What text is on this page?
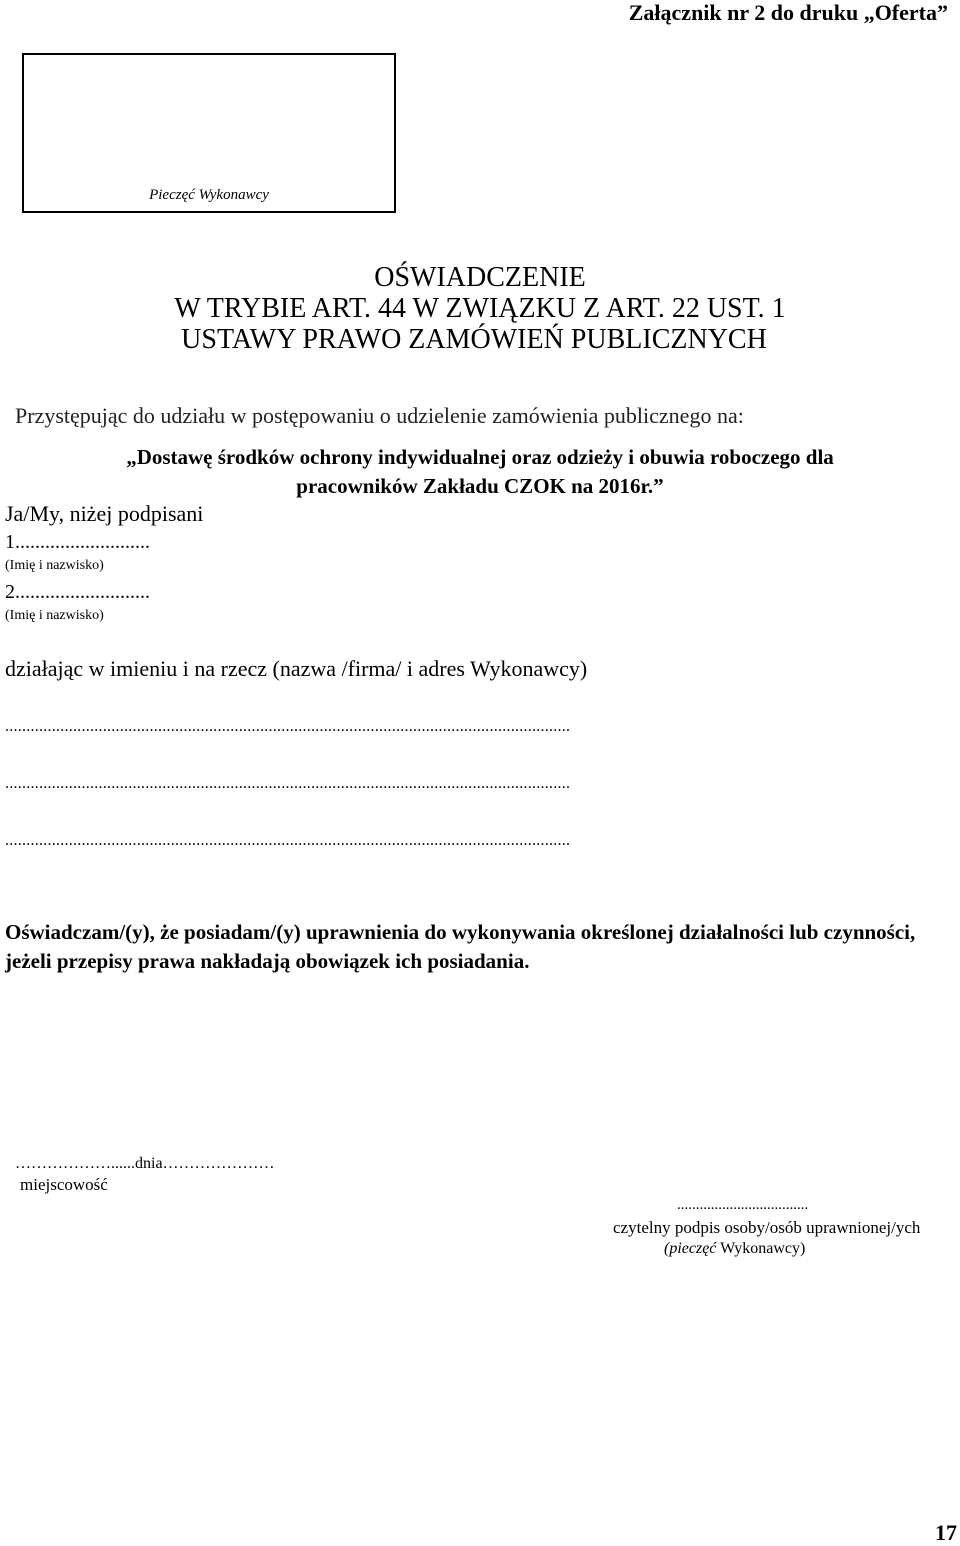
Załącznik nr 2 do druku „Oferta”
Pieczęć Wykonawcy
OŚWIADCZENIE
W TRYBIE ART. 44 W ZWIĄZKU Z ART. 22 UST. 1
USTAWY PRAWO ZAMÓWIEŃ PUBLICZNYCH
Przystępując do udziału w postępowaniu o udzielenie zamówienia publicznego na:
„Dostawę środków ochrony indywidualnej oraz odzieży i obuwia roboczego dla
pracowników Zakładu CZOK na 2016r.”
Ja/My, niżej podpisani
1...........................
(Imię i nazwisko)
2...........................
(Imię i nazwisko)
działając w imieniu i na rzecz (nazwa /firma/ i adres Wykonawcy)
.....................................................................................................................................
.....................................................................................................................................
.....................................................................................................................................
Oświadczam/(y), że posiadam/(y) uprawnienia do wykonywania określonej działalności lub czynności, jeżeli przepisy prawa nakładają obowiązek ich posiadania.
………………......dnia…………………
miejscowość
...................................
czytelny podpis osoby/osób uprawnionej/ych
(pieczęć Wykonawcy)
17
